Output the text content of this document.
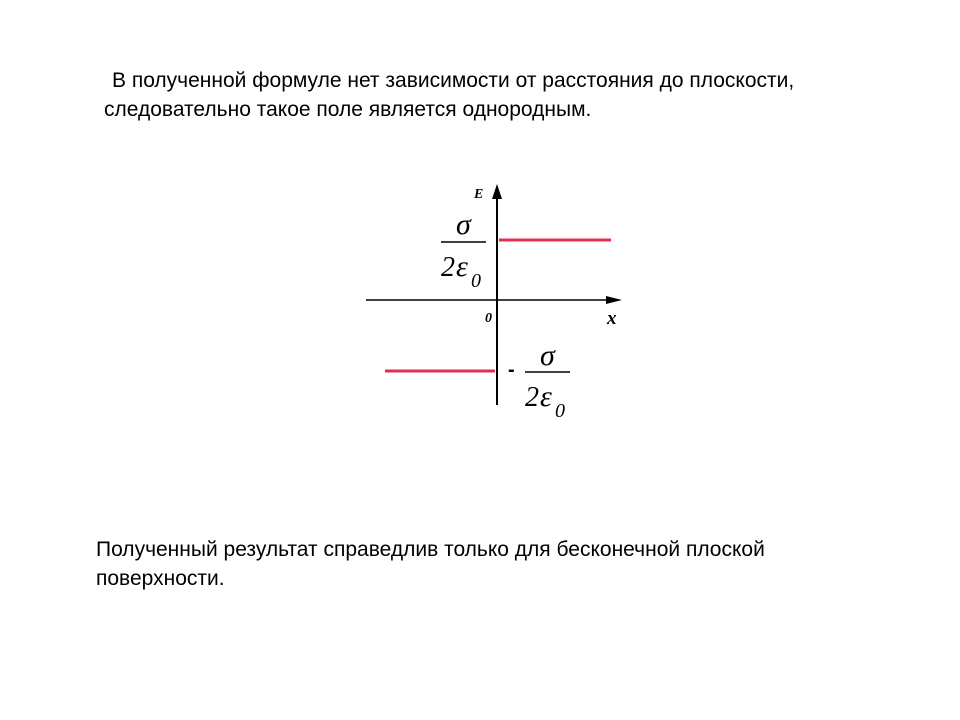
В полученной формуле нет зависимости от расстояния до плоскости,
следовательно такое поле является однородным.
E
x
0
σ
2 ε 0
- σ
2 ε 0
Полученный результат справедлив только для бесконечной плоской
поверхности.
